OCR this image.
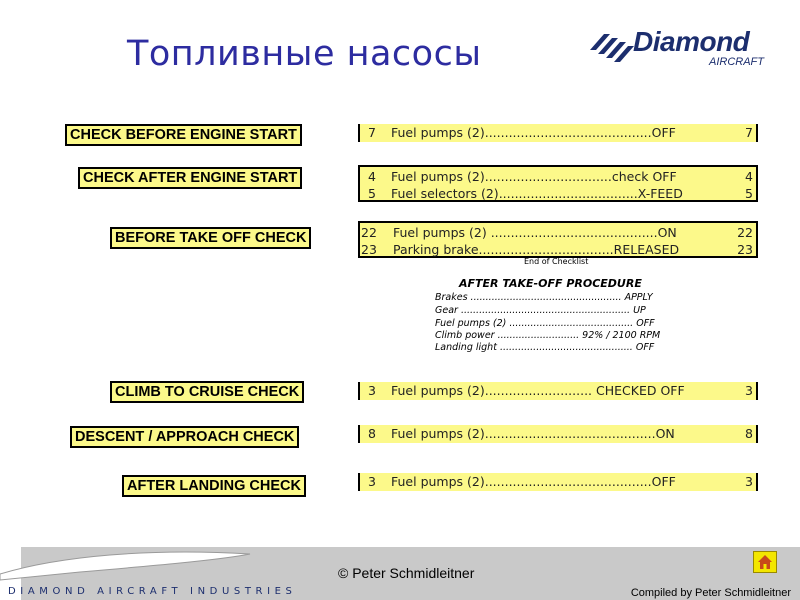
Топливные насосы	Diamond
AIRCRAFT
CHECK BEFORE ENGINE START	7 Fuel pumps (2)..........................................OFF	7
CHECK AFTER ENGINE START	4 Fuel pumps (2)................................check OFF	4
5 Fuel selectors (2)...................................X-FEED	5
BEFORE TAKE OFF CHECK	22 Fuel pumps (2) ..........................................ON	22
23 Parking brake..................................RELEASED	23
End of Checklist
AFTER TAKE-OFF PROCEDURE
Brakes .................................................. APPLY
Gear ........................................................ UP
Fuel pumps (2) ......................................... OFF
Climb power ........................... 92% / 2100 RPM
Landing light ............................................ OFF
CLIMB TO CRUISE CHECK	3 Fuel pumps (2)........................... CHECKED OFF	3
DESCENT / APPROACH CHECK	8 Fuel pumps (2)...........................................ON	8
AFTER LANDING CHECK	3 Fuel pumps (2)..........................................OFF	3
DIAMOND AIRCRAFT INDUSTRIES
© Peter Schmidleitner
Compiled by Peter Schmidleitner
